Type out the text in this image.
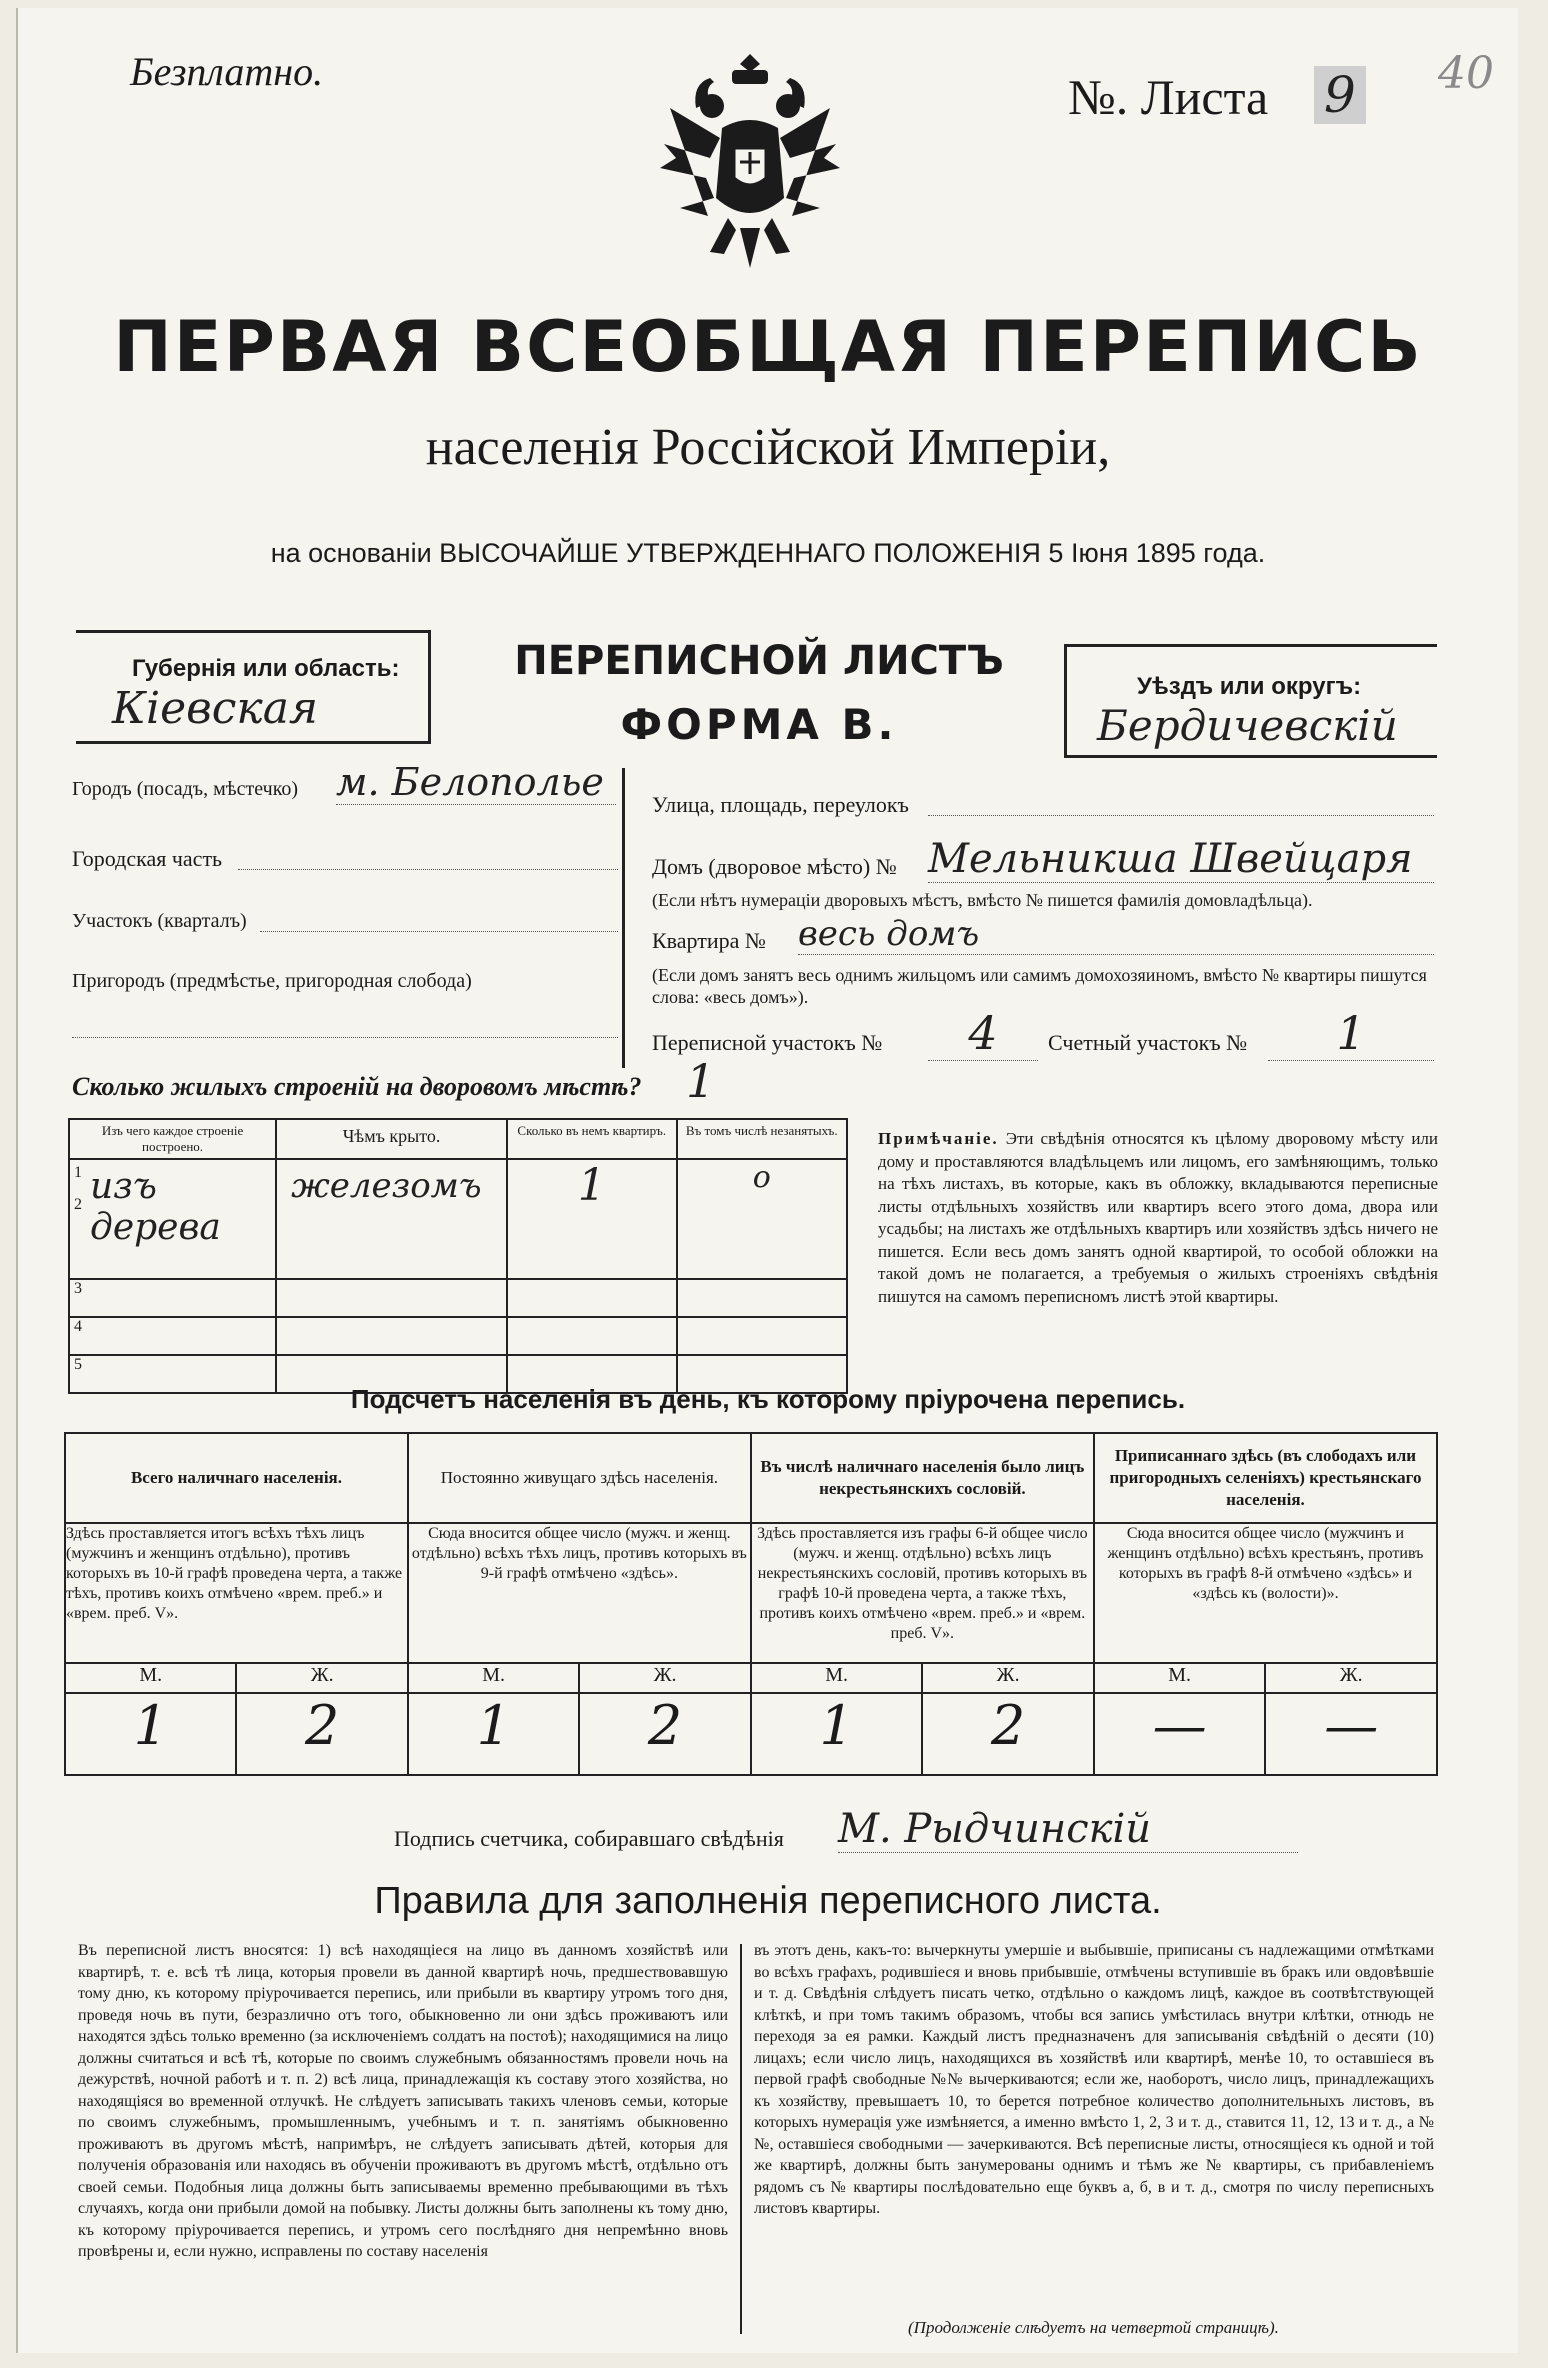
Безплатно.	№. Листа 9 40
ПЕРВАЯ ВСЕОБЩАЯ ПЕРЕПИСЬ
населенія Россійской Имперіи,
на основаніи ВЫСОЧАЙШЕ УТВЕРЖДЕННАГО ПОЛОЖЕНІЯ 5 Іюня 1895 года.
Губернія или область:
Кіевская
ПЕРЕПИСНОЙ ЛИСТЪ
ФОРМА В.
Уѣздъ или округъ:
Бердичевскій
Городъ (посадъ, мѣстечко) м. Белополье
Городская часть
Участокъ (кварталъ)
Пригородъ (предмѣстье, пригородная слобода)
Улица, площадь, переулокъ
Домъ (дворовое мѣсто) № Мельникша Швейцаря
(Если нѣтъ нумераціи дворовыхъ мѣстъ, вмѣсто № пишется фамилія домовладѣльца).
Квартира № весь домъ
(Если домъ занятъ весь однимъ жильцомъ или самимъ домохозяиномъ, вмѣсто № квартиры пишутся слова: «весь домъ»).
Переписной участокъ №	4	Счетный участокъ №	1
Сколько жилыхъ строеній на дворовомъ мѣстѣ? 1
Изъ чего каждое строеніе построено.	Чѣмъ крыто.	Сколько въ немъ квартиръ.	Въ томъ числѣ незанятыхъ.

1
2 изъ дерева	железомъ	1	о
3			
4			
5			
Примѣчаніе. Эти свѣдѣнія относятся къ цѣлому дворовому мѣсту или дому и проставляются владѣльцемъ или лицомъ, его замѣняющимъ, только на тѣхъ листахъ, въ которые, какъ въ обложку, вкладываются переписные листы отдѣльныхъ хозяйствъ или квартиръ всего этого дома, двора или усадьбы; на листахъ же отдѣльныхъ квартиръ или хозяйствъ здѣсь ничего не пишется. Если весь домъ занятъ одной квартирой, то особой обложки на такой домъ не полагается, а требуемыя о жилыхъ строеніяхъ свѣдѣнія пишутся на самомъ переписномъ листѣ этой квартиры.
Подсчетъ населенія въ день, къ которому пріурочена перепись.
Всего наличнаго населенія.		Постоянно живущаго здѣсь населенія.		Въ числѣ наличнаго населенія было лицъ некрестьянскихъ сословій.		Приписаннаго здѣсь (въ слободахъ или пригородныхъ селеніяхъ) крестьянскаго населенія.	
Здѣсь проставляется итогъ всѣхъ тѣхъ лицъ (мужчинъ и женщинъ отдѣльно), противъ которыхъ въ 10-й графѣ проведена черта, а также тѣхъ, противъ коихъ отмѣчено «врем. преб.» и «врем. преб. V».		Сюда вносится общее число (мужч. и женщ. отдѣльно) всѣхъ тѣхъ лицъ, противъ которыхъ въ 9-й графѣ отмѣчено «здѣсь».		Здѣсь проставляется изъ графы 6-й общее число (мужч. и женщ. отдѣльно) всѣхъ лицъ некрестьянскихъ сословій, противъ которыхъ въ графѣ 10-й проведена черта, а также тѣхъ, противъ коихъ отмѣчено «врем. преб.» и «врем. преб. V».		Сюда вносится общее число (мужчинъ и женщинъ отдѣльно) всѣхъ крестьянъ, противъ которыхъ въ графѣ 8-й отмѣчено «здѣсь» и «здѣсь къ (волости)».	
М.	Ж.	М.	Ж.	М.	Ж.	М.	Ж.
1	2	1	2	1	2	—	—
Подпись счетчика, собиравшаго свѣдѣнія М. Рыдчинскій
Правила для заполненія переписного листа.
Въ переписной листъ вносятся: 1) всѣ находящіеся на лицо въ данномъ хозяйствѣ или квартирѣ, т. е. всѣ тѣ лица, которыя провели въ данной квартирѣ ночь, предшествовавшую тому дню, къ которому пріурочивается перепись, или прибыли въ квартиру утромъ того дня, проведя ночь въ пути, безразлично отъ того, обыкновенно ли они здѣсь проживаютъ или находятся здѣсь только временно (за исключеніемъ солдатъ на постоѣ); находящимися на лицо должны считаться и всѣ тѣ, которые по своимъ служебнымъ обязанностямъ провели ночь на дежурствѣ, ночной работѣ и т. п. 2) всѣ лица, принадлежащія къ составу этого хозяйства, но находящіяся во временной отлучкѣ. Не слѣдуетъ записывать такихъ членовъ семьи, которые по своимъ служебнымъ, промышленнымъ, учебнымъ и т. п. занятіямъ обыкновенно проживаютъ въ другомъ мѣстѣ, напримѣръ, не слѣдуетъ записывать дѣтей, которыя для полученія образованія или находясь въ обученіи проживаютъ въ другомъ мѣстѣ, отдѣльно отъ своей семьи. Подобныя лица должны быть записываемы временно пребывающими въ тѣхъ случаяхъ, когда они прибыли домой на побывку. Листы должны быть заполнены къ тому дню, къ которому пріурочивается перепись, и утромъ сего послѣдняго дня непремѣнно вновь провѣрены и, если нужно, исправлены по составу населенія
въ этотъ день, какъ-то: вычеркнуты умершіе и выбывшіе, приписаны съ надлежащими отмѣтками во всѣхъ графахъ, родившіеся и вновь прибывшіе, отмѣчены вступившіе въ бракъ или овдовѣвшіе и т. д. Свѣдѣнія слѣдуетъ писать четко, отдѣльно о каждомъ лицѣ, каждое въ соотвѣтствующей клѣткѣ, и при томъ такимъ образомъ, чтобы вся запись умѣстилась внутри клѣтки, отнюдь не переходя за ея рамки. Каждый листъ предназначенъ для записыванія свѣдѣній о десяти (10) лицахъ; если число лицъ, находящихся въ хозяйствѣ или квартирѣ, менѣе 10, то оставшіеся въ первой графѣ свободные №№ вычеркиваются; если же, наоборотъ, число лицъ, принадлежащихъ къ хозяйству, превышаетъ 10, то берется потребное количество дополнительныхъ листовъ, въ которыхъ нумерація уже измѣняется, а именно вмѣсто 1, 2, 3 и т. д., ставится 11, 12, 13 и т. д., а №№, оставшіеся свободными — зачеркиваются. Всѣ переписные листы, относящіеся къ одной и той же квартирѣ, должны быть занумерованы однимъ и тѣмъ же № квартиры, съ прибавленіемъ рядомъ съ № квартиры послѣдовательно еще буквъ а, б, в и т. д., смотря по числу переписныхъ листовъ квартиры.
(Продолженіе слѣдуетъ на четвертой страницѣ).
